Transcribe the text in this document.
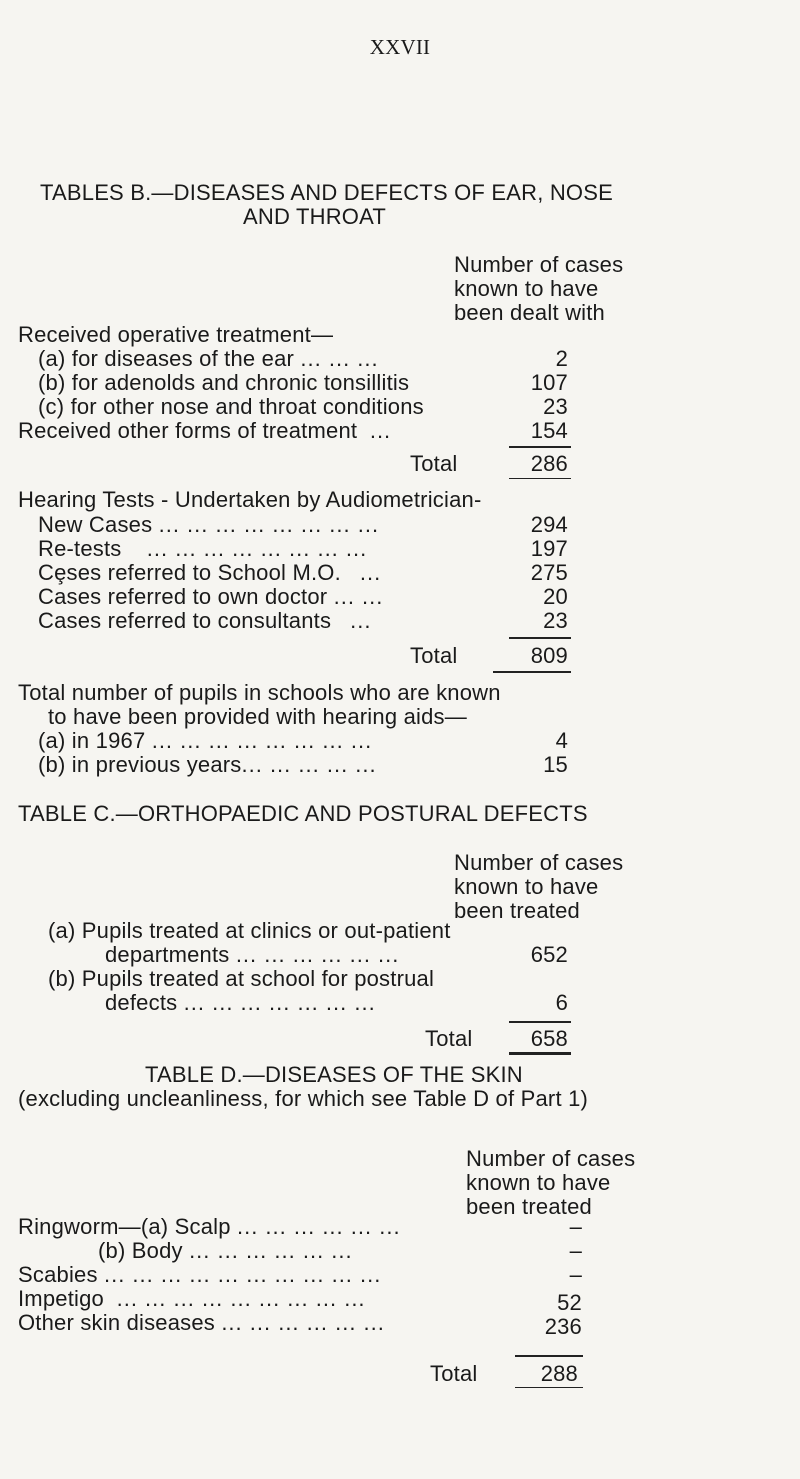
XXVII
TABLES B.—DISEASES AND DEFECTS OF EAR, NOSE
AND THROAT
Number of cases
known to have
been dealt with
Received operative treatment—
(a) for diseases of the ear ... ... ...	2
(b) for adenolds and chronic tonsillitis	107
(c) for other nose and throat conditions	23
Received other forms of treatment ...	154
Total	286
Hearing Tests - Undertaken by Audiometrician-
New Cases ... ... ... ... ... ... ... ...	294
Re-tests ... ... ... ... ... ... ... ...	197
Cȩses referred to School M.O. ...	275
Cases referred to own doctor ... ...	20
Cases referred to consultants ...	23
Total	809
Total number of pupils in schools who are known
to have been provided with hearing aids—
(a) in 1967 ... ... ... ... ... ... ... ...	4
(b) in previous years... ... ... ... ...	15
TABLE C.—ORTHOPAEDIC AND POSTURAL DEFECTS
Number of cases
known to have
been treated
(a) Pupils treated at clinics or out-patient
departments ... ... ... ... ... ...	652
(b) Pupils treated at school for postrual
defects ... ... ... ... ... ... ...	6
Total	658
TABLE D.—DISEASES OF THE SKIN
(excluding uncleanliness, for which see Table D of Part 1)
Number of cases
known to have
been treated
Ringworm—(a) Scalp ... ... ... ... ... ...	–
(b) Body ... ... ... ... ... ...	–
Scabies ... ... ... ... ... ... ... ... ... ...	–
Impetigo ... ... ... ... ... ... ... ... ...	52
Other skin diseases ... ... ... ... ... ...	236
Total	288
